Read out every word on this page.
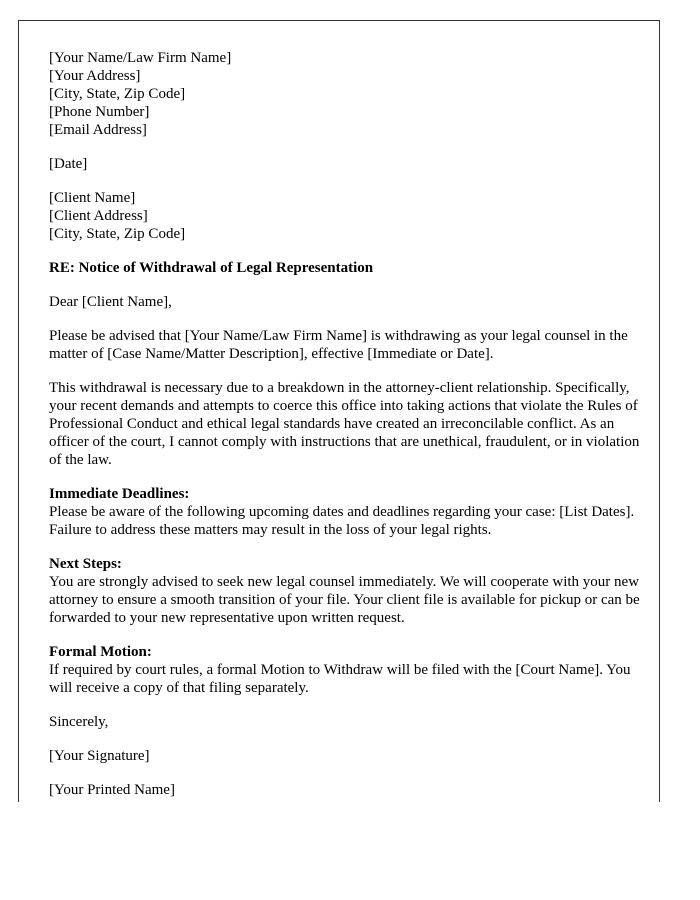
[Your Name/Law Firm Name]
[Your Address]
[City, State, Zip Code]
[Phone Number]
[Email Address]
[Date]
[Client Name]
[Client Address]
[City, State, Zip Code]
RE: Notice of Withdrawal of Legal Representation
Dear [Client Name],
Please be advised that [Your Name/Law Firm Name] is withdrawing as your legal counsel in the matter of [Case Name/Matter Description], effective [Immediate or Date].
This withdrawal is necessary due to a breakdown in the attorney-client relationship. Specifically, your recent demands and attempts to coerce this office into taking actions that violate the Rules of Professional Conduct and ethical legal standards have created an irreconcilable conflict. As an officer of the court, I cannot comply with instructions that are unethical, fraudulent, or in violation of the law.
Immediate Deadlines:
Please be aware of the following upcoming dates and deadlines regarding your case: [List Dates]. Failure to address these matters may result in the loss of your legal rights.
Next Steps:
You are strongly advised to seek new legal counsel immediately. We will cooperate with your new attorney to ensure a smooth transition of your file. Your client file is available for pickup or can be forwarded to your new representative upon written request.
Formal Motion:
If required by court rules, a formal Motion to Withdraw will be filed with the [Court Name]. You will receive a copy of that filing separately.
Sincerely,
[Your Signature]
[Your Printed Name]
